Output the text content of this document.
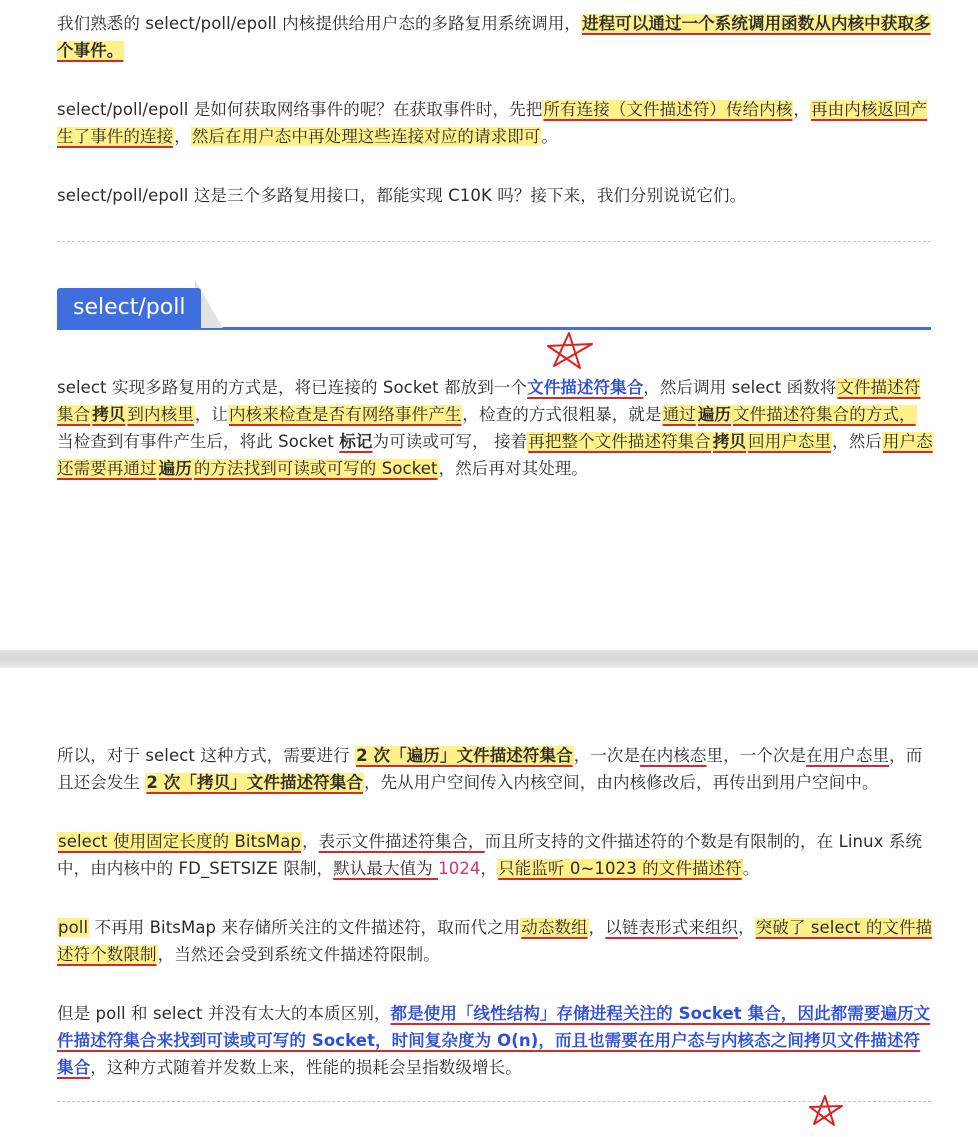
我们熟悉的 select/poll/epoll 内核提供给用户态的多路复用系统调用，进程可以通过一个系统调用函数从内核中获取多个事件。

select/poll/epoll 是如何获取网络事件的呢？在获取事件时，先把所有连接（文件描述符）传给内核，再由内核返回产生了事件的连接，然后在用户态中再处理这些连接对应的请求即可。

select/poll/epoll 这是三个多路复用接口，都能实现 C10K 吗？接下来，我们分别说说它们。

select/poll

select 实现多路复用的方式是，将已连接的 Socket 都放到一个文件描述符集合，然后调用 select 函数将文件描述符集合 拷贝 到内核里，让内核来检查是否有网络事件产生，检查的方式很粗暴，就是通过 遍历 文件描述符集合的方式，当检查到有事件产生后，将此 Socket 标记为可读或可写， 接着再把整个文件描述符集合 拷贝 回用户态里，然后用户态还需要再通过 遍历 的方法找到可读或可写的 Socket，然后再对其处理。

所以，对于 select 这种方式，需要进行 2 次「遍历」文件描述符集合，一次是在内核态里，一个次是在用户态里，而且还会发生 2 次「拷贝」文件描述符集合，先从用户空间传入内核空间，由内核修改后，再传出到用户空间中。

select 使用固定长度的 BitsMap，表示文件描述符集合，而且所支持的文件描述符的个数是有限制的，在 Linux 系统中，由内核中的 FD_SETSIZE 限制，默认最大值为 1024，只能监听 0~1023 的文件描述符。

poll 不再用 BitsMap 来存储所关注的文件描述符，取而代之用动态数组，以链表形式来组织，突破了 select 的文件描述符个数限制，当然还会受到系统文件描述符限制。

但是 poll 和 select 并没有太大的本质区别，都是使用「线性结构」存储进程关注的 Socket 集合，因此都需要遍历文件描述符集合来找到可读或可写的 Socket，时间复杂度为 O(n)，而且也需要在用户态与内核态之间拷贝文件描述符集合，这种方式随着并发数上来，性能的损耗会呈指数级增长。
